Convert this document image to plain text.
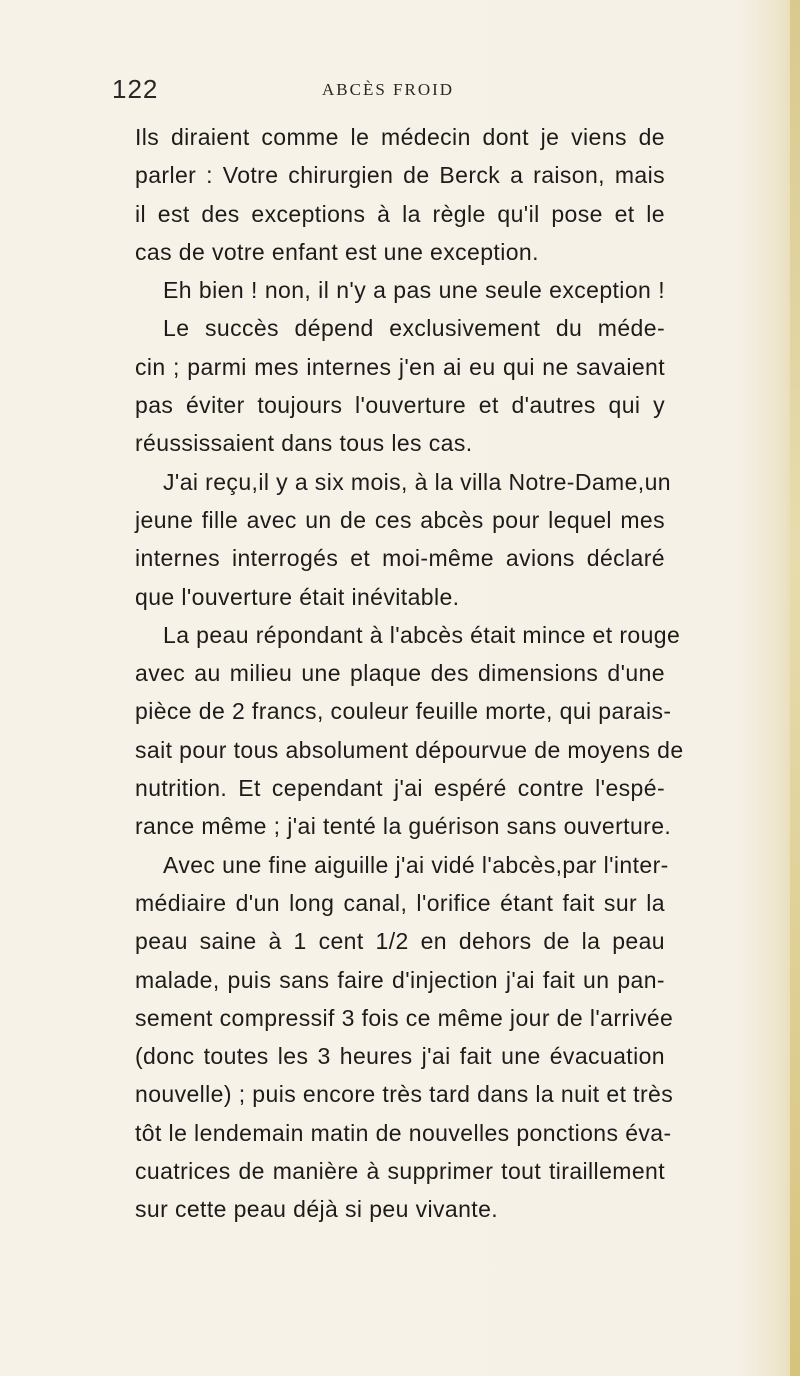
122	ABCÈS FROID
Ils diraient comme le médecin dont je viens de
parler : Votre chirurgien de Berck a raison, mais
il est des exceptions à la règle qu'il pose et le
cas de votre enfant est une exception.
Eh bien ! non, il n'y a pas une seule exception !
Le succès dépend exclusivement du méde-
cin ; parmi mes internes j'en ai eu qui ne savaient
pas éviter toujours l'ouverture et d'autres qui y
réussissaient dans tous les cas.
J'ai reçu,il y a six mois, à la villa Notre-Dame,un
jeune fille avec un de ces abcès pour lequel mes
internes interrogés et moi-même avions déclaré
que l'ouverture était inévitable.
La peau répondant à l'abcès était mince et rouge
avec au milieu une plaque des dimensions d'une
pièce de 2 francs, couleur feuille morte, qui parais-
sait pour tous absolument dépourvue de moyens de
nutrition. Et cependant j'ai espéré contre l'espé-
rance même ; j'ai tenté la guérison sans ouverture.
Avec une fine aiguille j'ai vidé l'abcès,par l'inter-
médiaire d'un long canal, l'orifice étant fait sur la
peau saine à 1 cent 1/2 en dehors de la peau
malade, puis sans faire d'injection j'ai fait un pan-
sement compressif 3 fois ce même jour de l'arrivée
(donc toutes les 3 heures j'ai fait une évacuation
nouvelle) ; puis encore très tard dans la nuit et très
tôt le lendemain matin de nouvelles ponctions éva-
cuatrices de manière à supprimer tout tiraillement
sur cette peau déjà si peu vivante.
